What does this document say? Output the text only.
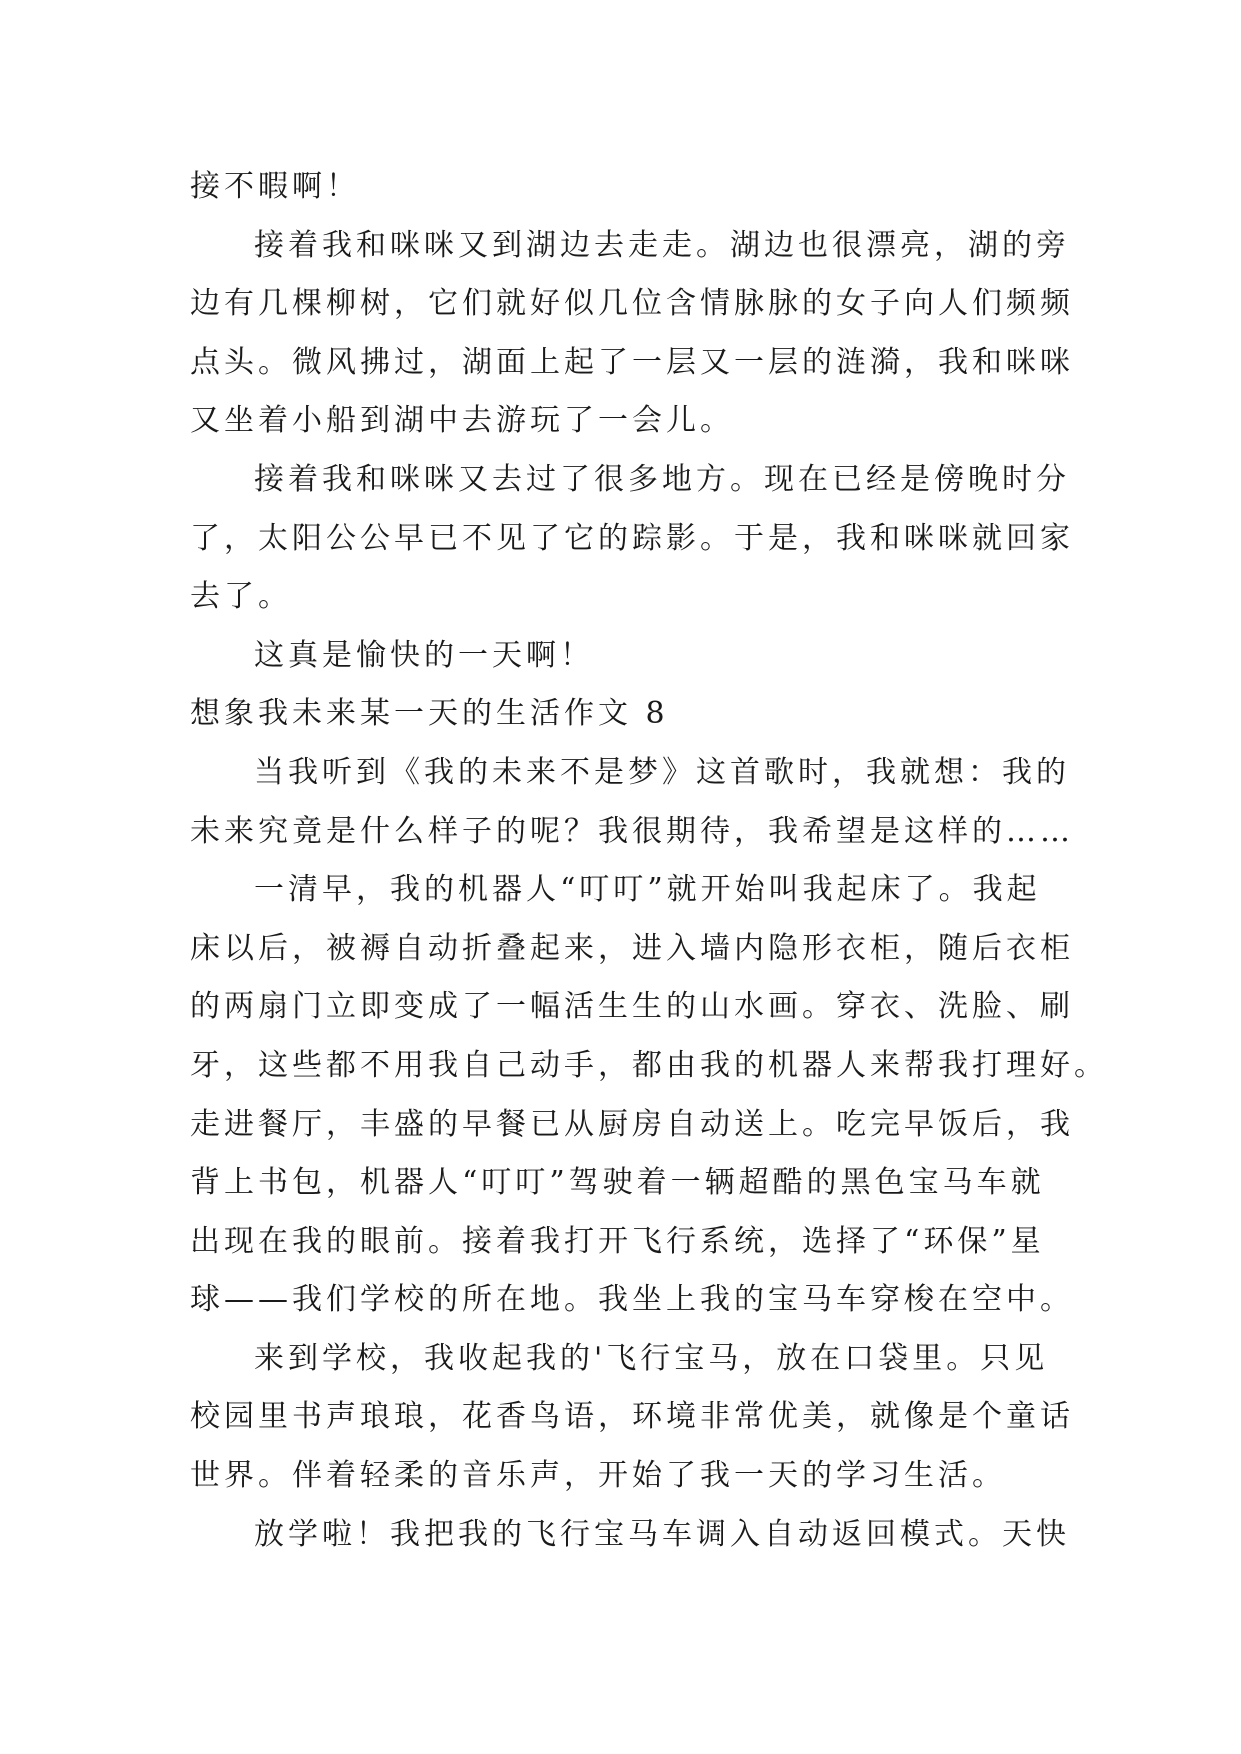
接不暇啊！
接着我和咪咪又到湖边去走走。湖边也很漂亮，湖的旁
边有几棵柳树，它们就好似几位含情脉脉的女子向人们频频
点头。微风拂过，湖面上起了一层又一层的涟漪，我和咪咪
又坐着小船到湖中去游玩了一会儿。
接着我和咪咪又去过了很多地方。现在已经是傍晚时分
了，太阳公公早已不见了它的踪影。于是，我和咪咪就回家
去了。
这真是愉快的一天啊！
想象我未来某一天的生活作文 8
当我听到《我的未来不是梦》这首歌时，我就想：我的
未来究竟是什么样子的呢？我很期待，我希望是这样的……
一清早，我的机器人“叮叮”就开始叫我起床了。我起
床以后，被褥自动折叠起来，进入墙内隐形衣柜，随后衣柜
的两扇门立即变成了一幅活生生的山水画。穿衣、洗脸、刷
牙，这些都不用我自己动手，都由我的机器人来帮我打理好。
走进餐厅，丰盛的早餐已从厨房自动送上。吃完早饭后，我
背上书包，机器人“叮叮”驾驶着一辆超酷的黑色宝马车就
出现在我的眼前。接着我打开飞行系统，选择了“环保”星
球——我们学校的所在地。我坐上我的宝马车穿梭在空中。
来到学校，我收起我的'飞行宝马，放在口袋里。只见
校园里书声琅琅，花香鸟语，环境非常优美，就像是个童话
世界。伴着轻柔的音乐声，开始了我一天的学习生活。
放学啦！我把我的飞行宝马车调入自动返回模式。天快
